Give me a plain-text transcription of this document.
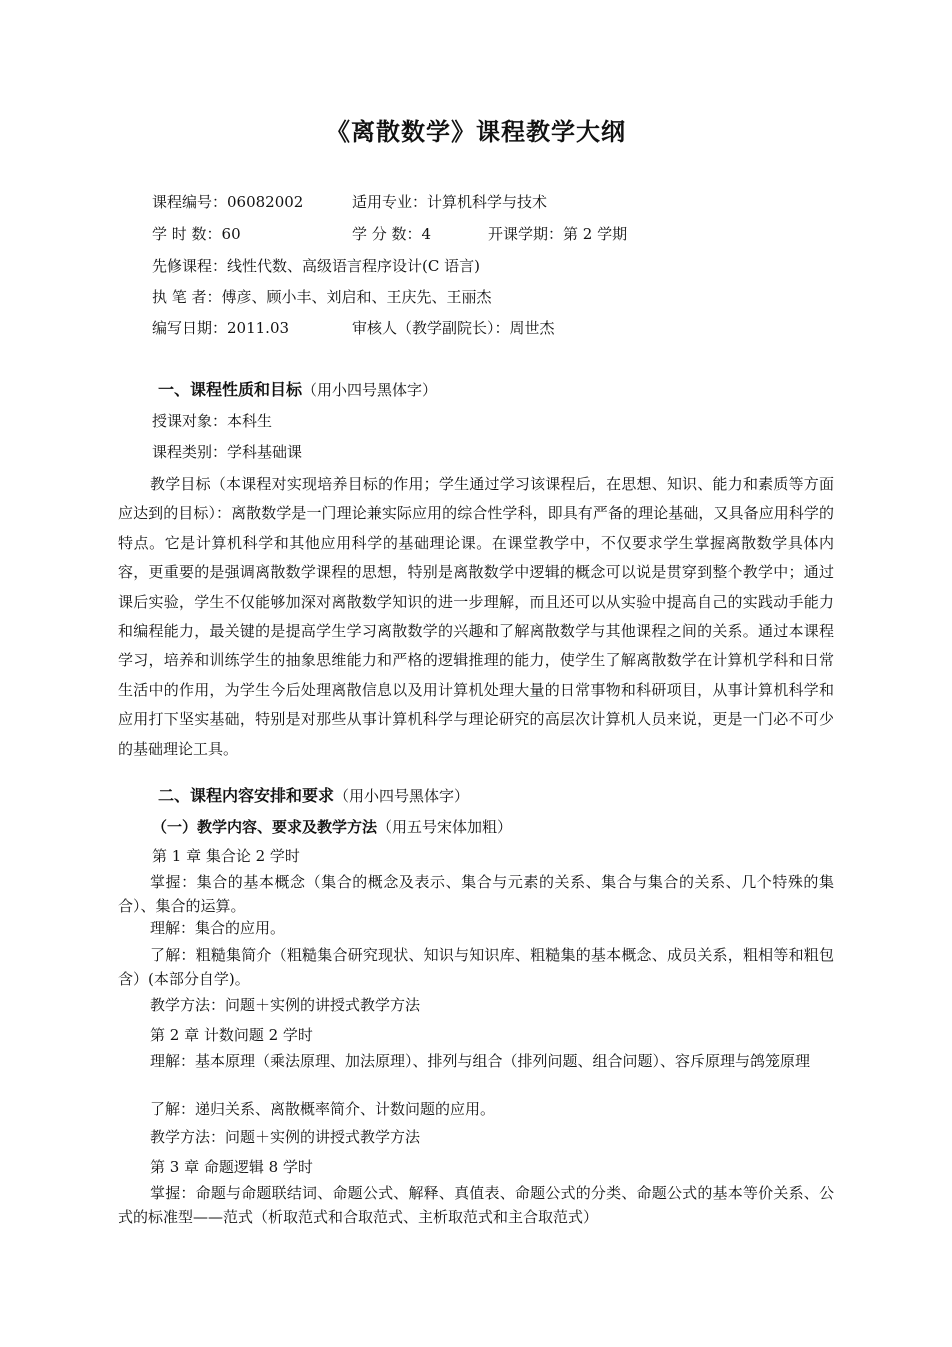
《离散数学》课程教学大纲
课程编号：06082002	适用专业：计算机科学与技术
学 时 数：60	学 分 数：4	开课学期：第 2 学期
先修课程：线性代数、高级语言程序设计(C 语言)
执 笔 者：傅彦、顾小丰、刘启和、王庆先、王丽杰
编写日期：2011.03	审核人（教学副院长）：周世杰
一、课程性质和目标（用小四号黑体字）
授课对象：本科生
课程类别：学科基础课

教学目标（本课程对实现培养目标的作用；学生通过学习该课程后，在思想、知识、能力和素质等方面应达到的目标）：离散数学是一门理论兼实际应用的综合性学科，即具有严备的理论基础，又具备应用科学的特点。它是计算机科学和其他应用科学的基础理论课。在课堂教学中，不仅要求学生掌握离散数学具体内容，更重要的是强调离散数学课程的思想，特别是离散数学中逻辑的概念可以说是贯穿到整个教学中；通过课后实验，学生不仅能够加深对离散数学知识的进一步理解，而且还可以从实验中提高自己的实践动手能力和编程能力，最关键的是提高学生学习离散数学的兴趣和了解离散数学与其他课程之间的关系。通过本课程学习，培养和训练学生的抽象思维能力和严格的逻辑推理的能力，使学生了解离散数学在计算机学科和日常生活中的作用，为学生今后处理离散信息以及用计算机处理大量的日常事物和科研项目，从事计算机科学和应用打下坚实基础，特别是对那些从事计算机科学与理论研究的高层次计算机人员来说，更是一门必不可少的基础理论工具。

二、课程内容安排和要求（用小四号黑体字）
（一）教学内容、要求及教学方法（用五号宋体加粗）
第 1 章 集合论 2 学时

掌握：集合的基本概念（集合的概念及表示、集合与元素的关系、集合与集合的关系、几个特殊的集合）、集合的运算。

理解：集合的应用。

了解：粗糙集简介（粗糙集合研究现状、知识与知识库、粗糙集的基本概念、成员关系，粗相等和粗包含）(本部分自学)。

教学方法：问题＋实例的讲授式教学方法
第 2 章 计数问题 2 学时

理解：基本原理（乘法原理、加法原理）、排列与组合（排列问题、组合问题）、容斥原理与鸽笼原理

了解：递归关系、离散概率简介、计数问题的应用。
教学方法：问题＋实例的讲授式教学方法
第 3 章 命题逻辑 8 学时

掌握：命题与命题联结词、命题公式、解释、真值表、命题公式的分类、命题公式的基本等价关系、公式的标准型——范式（析取范式和合取范式、主析取范式和主合取范式）
